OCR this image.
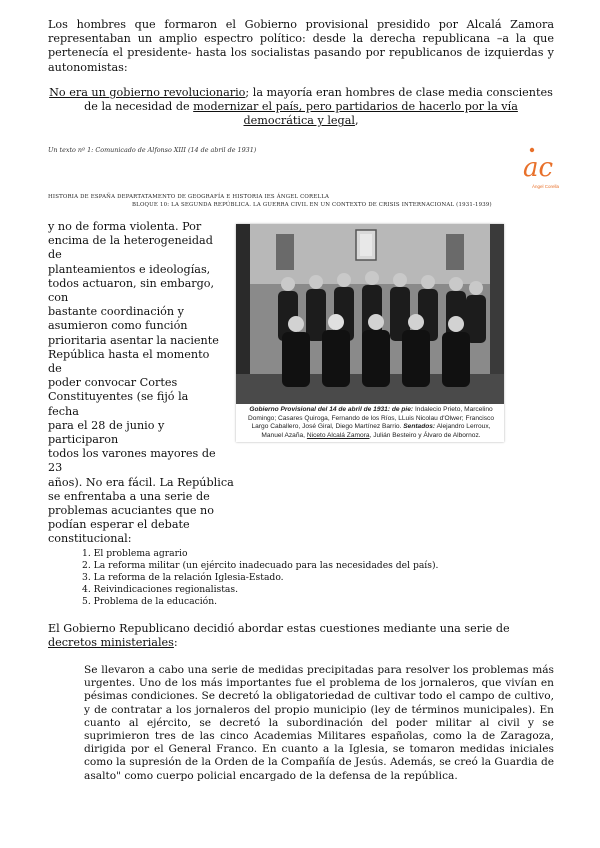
Los hombres que formaron el Gobierno provisional presidido por Alcalá Zamora representaban un amplio espectro político: desde la derecha republicana –a la que pertenecía el presidente- hasta los socialistas pasando por republicanos de izquierdas y autonomistas:

No era un gobierno revolucionario; la mayoría eran hombres de clase media conscientes de la necesidad de modernizar el país, pero partidarios de hacerlo por la vía democrática y legal,

Un texto nº 1: Comunicado de Alfonso XIII (14 de abril de 1931)
ac
Ángel Corella
HISTORIA DE ESPAÑA DEPARTATAMENTO DE GEOGRAFÍA E HISTORIA IES ÁNGEL CORELLA
BLOQUE 10: LA SEGUNDA REPÚBLICA. LA GUERRA CIVIL EN UN CONTEXTO DE CRISIS INTERNACIONAL (1931-1939)
y no de forma violenta. Por
encima de la heterogeneidad
de
planteamientos e ideologías,
todos actuaron, sin embargo,
con
bastante coordinación y
asumieron como función
prioritaria asentar la naciente
República hasta el momento
de
poder convocar Cortes
Constituyentes (se fijó la
fecha
para el 28 de junio y
participaron
todos los varones mayores de
23
años). No era fácil. La República
se enfrentaba a una serie de
problemas acuciantes que no
podían esperar el debate
constitucional:
Gobierno Provisional del 14 de abril de 1931: de pie: Indalecio Prieto, Marcelino Domingo; Casares Quiroga, Fernando de los Ríos, LLuis Nicolau d'Olwer; Francisco Largo Caballero, José Giral, Diego Martínez Barrio. Sentados: Alejandro Lerroux, Manuel Azaña, Niceto Alcalá Zamora, Julián Besteiro y Álvaro de Albornoz.
1. El problema agrario
2. La reforma militar (un ejército inadecuado para las necesidades del país).
3. La reforma de la relación Iglesia-Estado.
4. Reivindicaciones regionalistas.
5. Problema de la educación.

El Gobierno Republicano decidió abordar estas cuestiones mediante una serie de decretos ministeriales:

Se llevaron a cabo una serie de medidas precipitadas para resolver los problemas más urgentes. Uno de los más importantes fue el problema de los jornaleros, que vivían en pésimas condiciones. Se decretó la obligatoriedad de cultivar todo el campo de cultivo, y de contratar a los jornaleros del propio municipio (ley de términos municipales). En cuanto al ejército, se decretó la subordinación del poder militar al civil y se suprimieron tres de las cinco Academias Militares españolas, como la de Zaragoza, dirigida por el General Franco. En cuanto a la Iglesia, se tomaron medidas iniciales como la supresión de la Orden de la Compañía de Jesús. Además, se creó la Guardia de asalto" como cuerpo policial encargado de la defensa de la república.
